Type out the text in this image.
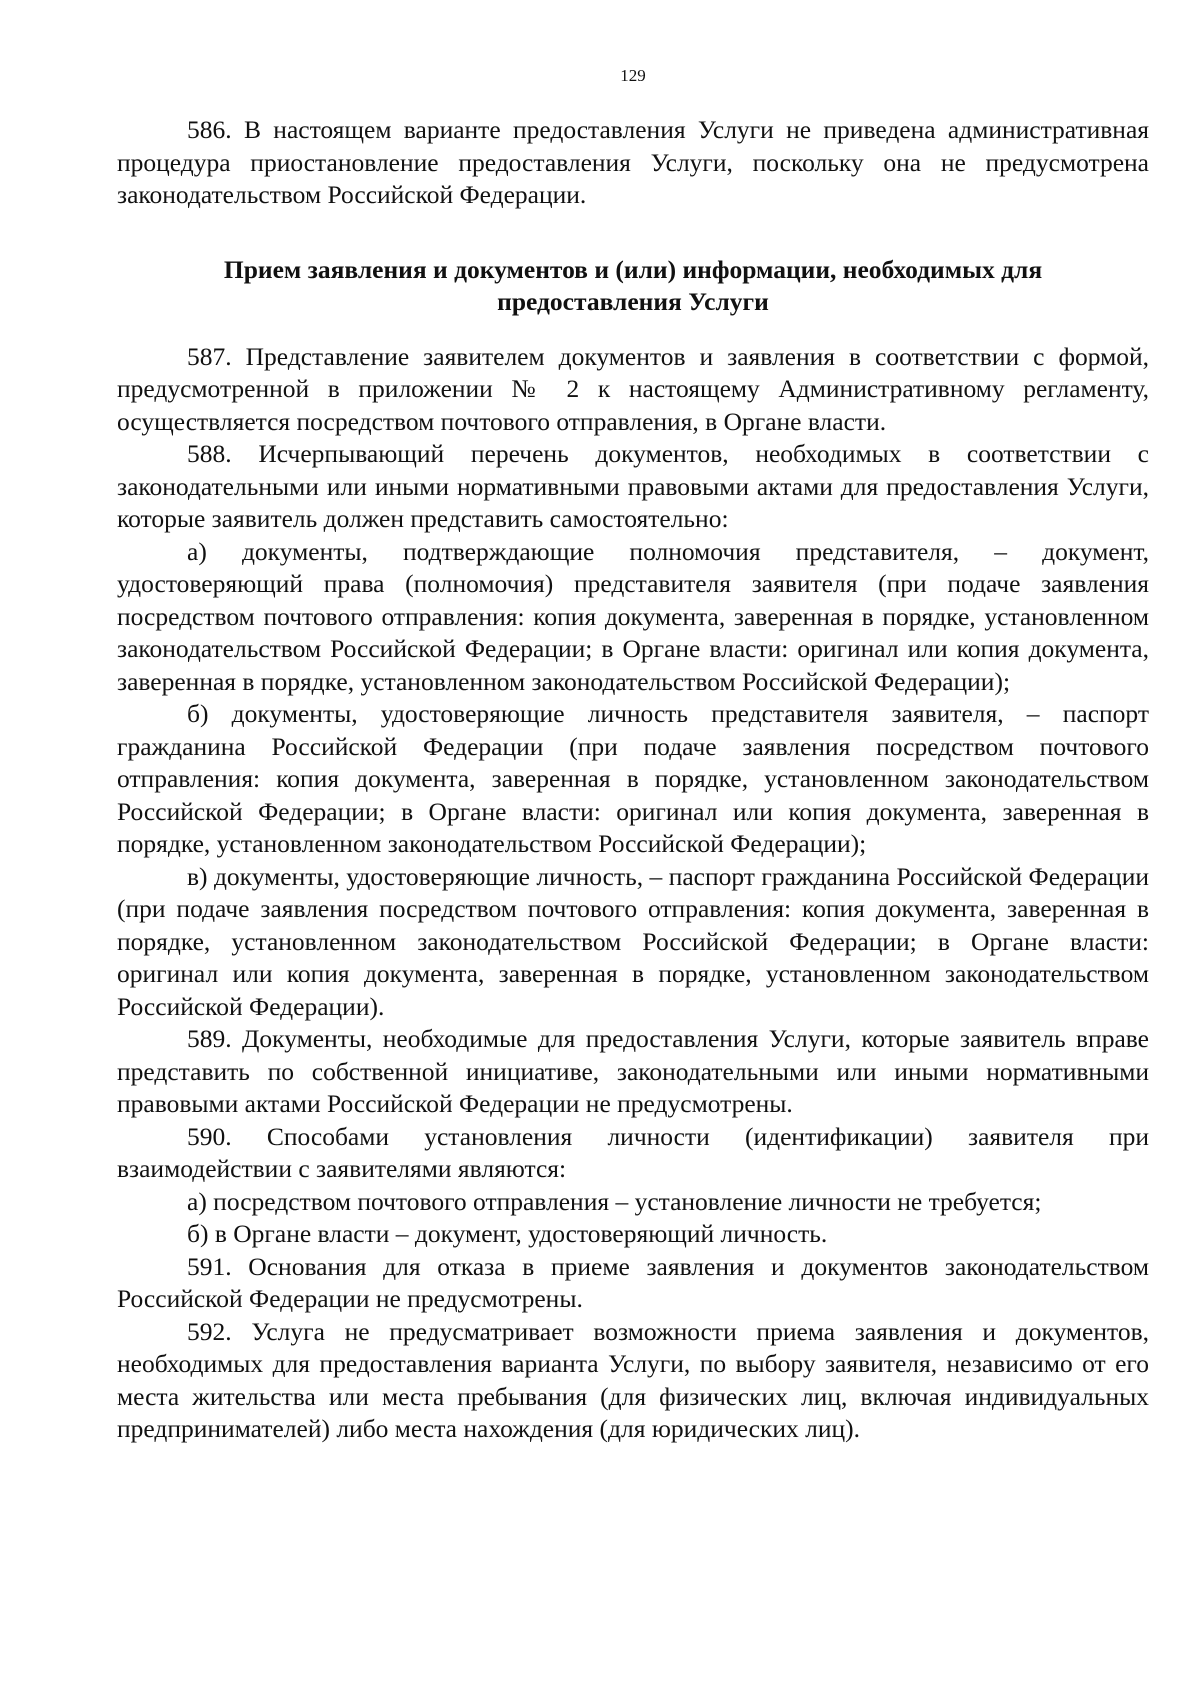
129

586. В настоящем варианте предоставления Услуги не приведена административная процедура приостановление предоставления Услуги, поскольку она не предусмотрена законодательством Российской Федерации.

Прием заявления и документов и (или) информации, необходимых для предоставления Услуги

587. Представление заявителем документов и заявления в соответствии с формой, предусмотренной в приложении № 2 к настоящему Административному регламенту, осуществляется посредством почтового отправления, в Органе власти.

588. Исчерпывающий перечень документов, необходимых в соответствии с законодательными или иными нормативными правовыми актами для предоставления Услуги, которые заявитель должен представить самостоятельно:

а) документы, подтверждающие полномочия представителя, – документ, удостоверяющий права (полномочия) представителя заявителя (при подаче заявления посредством почтового отправления: копия документа, заверенная в порядке, установленном законодательством Российской Федерации; в Органе власти: оригинал или копия документа, заверенная в порядке, установленном законодательством Российской Федерации);

б) документы, удостоверяющие личность представителя заявителя, – паспорт гражданина Российской Федерации (при подаче заявления посредством почтового отправления: копия документа, заверенная в порядке, установленном законодательством Российской Федерации; в Органе власти: оригинал или копия документа, заверенная в порядке, установленном законодательством Российской Федерации);

в) документы, удостоверяющие личность, – паспорт гражданина Российской Федерации (при подаче заявления посредством почтового отправления: копия документа, заверенная в порядке, установленном законодательством Российской Федерации; в Органе власти: оригинал или копия документа, заверенная в порядке, установленном законодательством Российской Федерации).

589. Документы, необходимые для предоставления Услуги, которые заявитель вправе представить по собственной инициативе, законодательными или иными нормативными правовыми актами Российской Федерации не предусмотрены.

590. Способами установления личности (идентификации) заявителя при взаимодействии с заявителями являются:

а) посредством почтового отправления – установление личности не требуется;

б) в Органе власти – документ, удостоверяющий личность.

591. Основания для отказа в приеме заявления и документов законодательством Российской Федерации не предусмотрены.

592. Услуга не предусматривает возможности приема заявления и документов, необходимых для предоставления варианта Услуги, по выбору заявителя, независимо от его места жительства или места пребывания (для физических лиц, включая индивидуальных предпринимателей) либо места нахождения (для юридических лиц).
